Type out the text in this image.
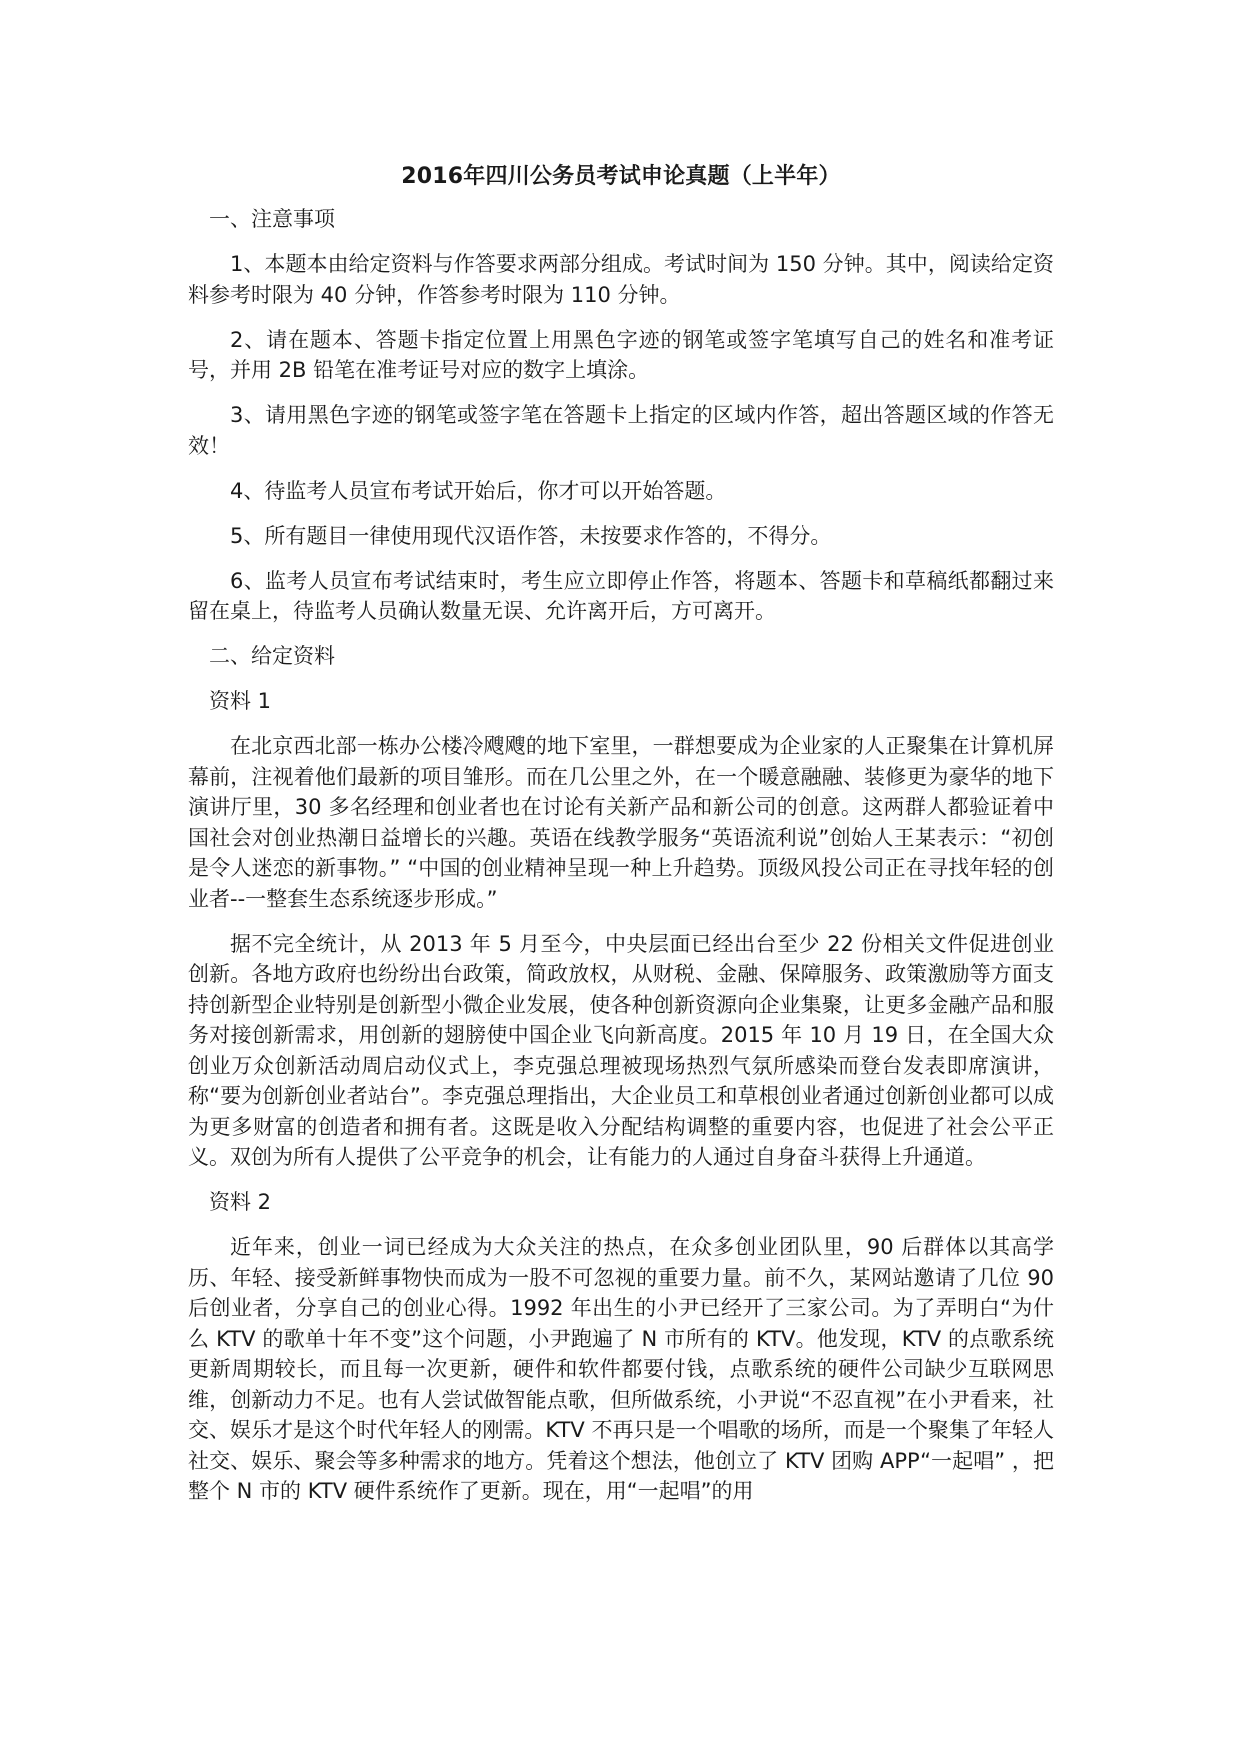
2016年四川公务员考试申论真题（上半年）

一、注意事项

1、本题本由给定资料与作答要求两部分组成。考试时间为 150 分钟。其中，阅读给定资料参考时限为 40 分钟，作答参考时限为 110 分钟。

2、请在题本、答题卡指定位置上用黑色字迹的钢笔或签字笔填写自己的姓名和准考证号，并用 2B 铅笔在准考证号对应的数字上填涂。

3、请用黑色字迹的钢笔或签字笔在答题卡上指定的区域内作答，超出答题区域的作答无效！

4、待监考人员宣布考试开始后，你才可以开始答题。

5、所有题目一律使用现代汉语作答，未按要求作答的，不得分。

6、监考人员宣布考试结束时，考生应立即停止作答，将题本、答题卡和草稿纸都翻过来留在桌上，待监考人员确认数量无误、允许离开后，方可离开。

二、给定资料

资料 1

在北京西北部一栋办公楼冷飕飕的地下室里，一群想要成为企业家的人正聚集在计算机屏幕前，注视着他们最新的项目雏形。而在几公里之外，在一个暖意融融、装修更为豪华的地下演讲厅里，30 多名经理和创业者也在讨论有关新产品和新公司的创意。这两群人都验证着中国社会对创业热潮日益增长的兴趣。英语在线教学服务“英语流利说”创始人王某表示：“初创是令人迷恋的新事物。” “中国的创业精神呈现一种上升趋势。顶级风投公司正在寻找年轻的创业者--一整套生态系统逐步形成。”

据不完全统计，从 2013 年 5 月至今，中央层面已经出台至少 22 份相关文件促进创业创新。各地方政府也纷纷出台政策，简政放权，从财税、金融、保障服务、政策激励等方面支持创新型企业特别是创新型小微企业发展，使各种创新资源向企业集聚，让更多金融产品和服务对接创新需求，用创新的翅膀使中国企业飞向新高度。2015 年 10 月 19 日，在全国大众创业万众创新活动周启动仪式上，李克强总理被现场热烈气氛所感染而登台发表即席演讲，称“要为创新创业者站台”。李克强总理指出，大企业员工和草根创业者通过创新创业都可以成为更多财富的创造者和拥有者。这既是收入分配结构调整的重要内容，也促进了社会公平正义。双创为所有人提供了公平竞争的机会，让有能力的人通过自身奋斗获得上升通道。

资料 2

近年来，创业一词已经成为大众关注的热点，在众多创业团队里，90 后群体以其高学历、年轻、接受新鲜事物快而成为一股不可忽视的重要力量。前不久，某网站邀请了几位 90 后创业者，分享自己的创业心得。1992 年出生的小尹已经开了三家公司。为了弄明白“为什么 KTV 的歌单十年不变”这个问题，小尹跑遍了 N 市所有的 KTV。他发现，KTV 的点歌系统更新周期较长，而且每一次更新，硬件和软件都要付钱，点歌系统的硬件公司缺少互联网思维，创新动力不足。也有人尝试做智能点歌，但所做系统，小尹说“不忍直视”在小尹看来，社交、娱乐才是这个时代年轻人的刚需。KTV 不再只是一个唱歌的场所，而是一个聚集了年轻人社交、娱乐、聚会等多种需求的地方。凭着这个想法，他创立了 KTV 团购 APP“一起唱” ，把整个 N 市的 KTV 硬件系统作了更新。现在，用“一起唱”的用
